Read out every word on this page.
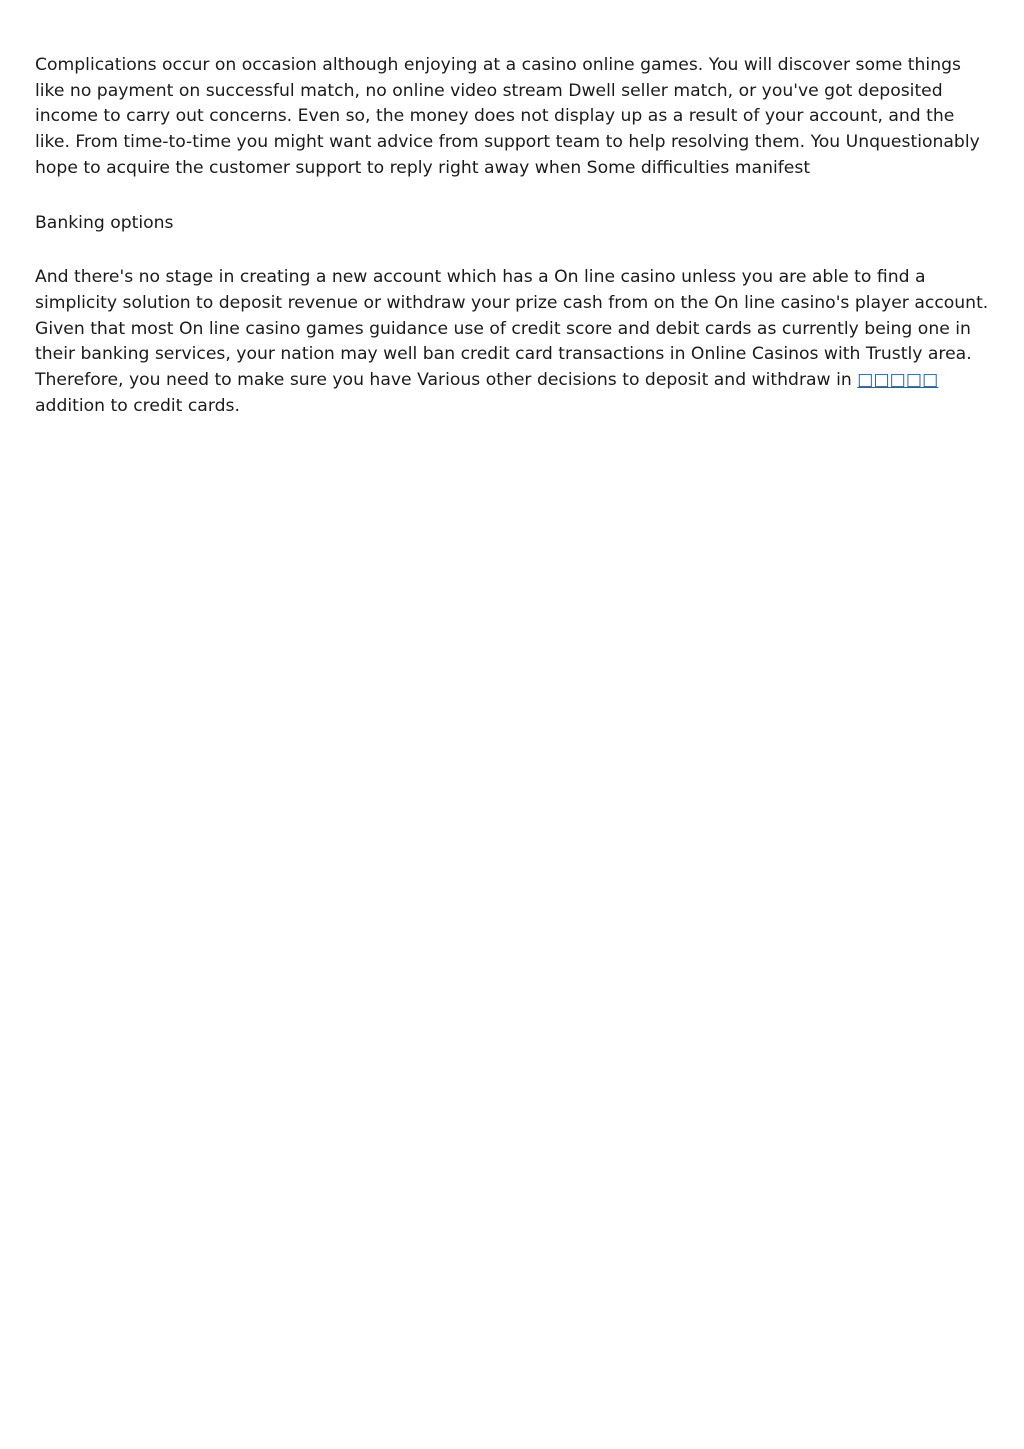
Complications occur on occasion although enjoying at a casino online games. You will discover some things like no payment on successful match, no online video stream Dwell seller match, or you've got deposited income to carry out concerns. Even so, the money does not display up as a result of your account, and the like. From time-to-time you might want advice from support team to help resolving them. You Unquestionably hope to acquire the customer support to reply right away when Some difficulties manifest

Banking options

And there's no stage in creating a new account which has a On line casino unless you are able to find a simplicity solution to deposit revenue or withdraw your prize cash from on the On line casino's player account. Given that most On line casino games guidance use of credit score and debit cards as currently being one in their banking services, your nation may well ban credit card transactions in Online Casinos with Trustly area. Therefore, you need to make sure you have Various other decisions to deposit and withdraw in □□□□□ addition to credit cards.
